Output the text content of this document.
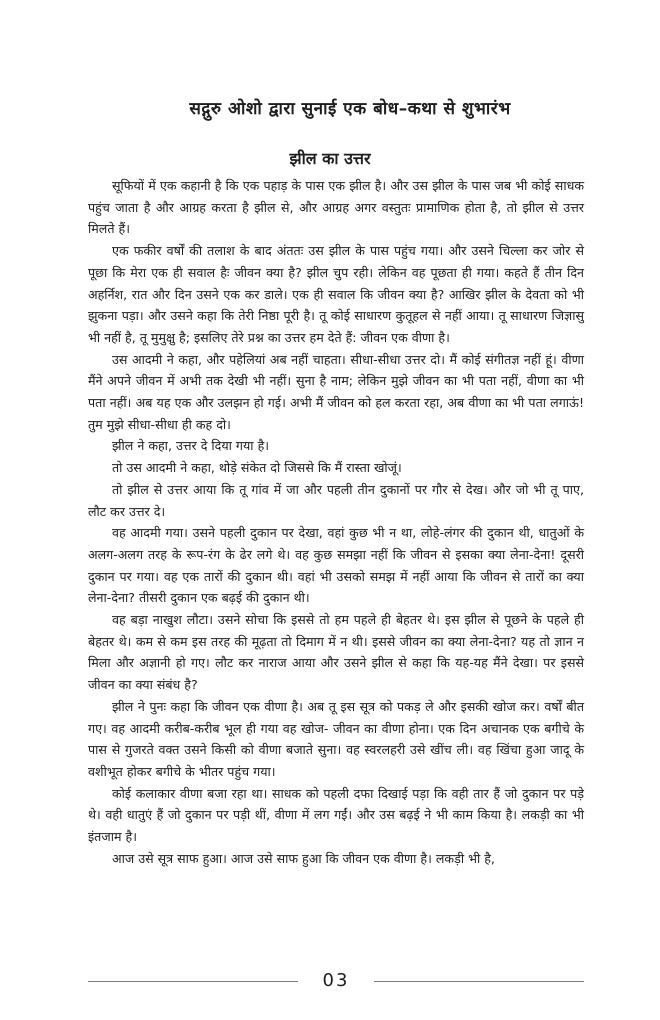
सद्गुरु ओशो द्वारा सुनाई एक बोध–कथा से शुभारंभ
झील का उत्तर

सूफियों में एक कहानी है कि एक पहाड़ के पास एक झील है। और उस झील के पास जब भी कोई साधक पहुंच जाता है और आग्रह करता है झील से, और आग्रह अगर वस्तुतः प्रामाणिक होता है, तो झील से उत्तर मिलते हैं।

एक फकीर वर्षों की तलाश के बाद अंततः उस झील के पास पहुंच गया। और उसने चिल्ला कर जोर से पूछा कि मेरा एक ही सवाल हैः जीवन क्या है? झील चुप रही। लेकिन वह पूछता ही गया। कहते हैं तीन दिन अहर्निश, रात और दिन उसने एक कर डाले। एक ही सवाल कि जीवन क्या है? आखिर झील के देवता को भी झुकना पड़ा। और उसने कहा कि तेरी निष्ठा पूरी है। तू कोई साधारण कुतूहल से नहीं आया। तू साधारण जिज्ञासु भी नहीं है, तू मुमुक्षु है; इसलिए तेरे प्रश्न का उत्तर हम देते हैं: जीवन एक वीणा है।

उस आदमी ने कहा, और पहेलियां अब नहीं चाहता। सीधा-सीधा उत्तर दो। मैं कोई संगीतज्ञ नहीं हूं। वीणा मैंने अपने जीवन में अभी तक देखी भी नहीं। सुना है नाम; लेकिन मुझे जीवन का भी पता नहीं, वीणा का भी पता नहीं। अब यह एक और उलझन हो गई। अभी मैं जीवन को हल करता रहा, अब वीणा का भी पता लगाऊं! तुम मुझे सीधा-सीधा ही कह दो।

झील ने कहा, उत्तर दे दिया गया है।

तो उस आदमी ने कहा, थोड़े संकेत दो जिससे कि मैं रास्ता खोजूं।

तो झील से उत्तर आया कि तू गांव में जा और पहली तीन दुकानों पर गौर से देख। और जो भी तू पाए, लौट कर उत्तर दे।

वह आदमी गया। उसने पहली दुकान पर देखा, वहां कुछ भी न था, लोहे-लंगर की दुकान थी, धातुओं के अलग-अलग तरह के रूप-रंग के ढेर लगे थे। वह कुछ समझा नहीं कि जीवन से इसका क्या लेना-देना! दूसरी दुकान पर गया। वह एक तारों की दुकान थी। वहां भी उसको समझ में नहीं आया कि जीवन से तारों का क्या लेना-देना? तीसरी दुकान एक बढ़ई की दुकान थी।

वह बड़ा नाखुश लौटा। उसने सोचा कि इससे तो हम पहले ही बेहतर थे। इस झील से पूछने के पहले ही बेहतर थे। कम से कम इस तरह की मूढ़ता तो दिमाग में न थी। इससे जीवन का क्या लेना-देना? यह तो ज्ञान न मिला और अज्ञानी हो गए। लौट कर नाराज आया और उसने झील से कहा कि यह-यह मैंने देखा। पर इससे जीवन का क्या संबंध है?

झील ने पुनः कहा कि जीवन एक वीणा है। अब तू इस सूत्र को पकड़ ले और इसकी खोज कर। वर्षों बीत गए। वह आदमी करीब-करीब भूल ही गया वह खोज- जीवन का वीणा होना। एक दिन अचानक एक बगीचे के पास से गुजरते वक्त उसने किसी को वीणा बजाते सुना। वह स्वरलहरी उसे खींच ली। वह खिंचा हुआ जादू के वशीभूत होकर बगीचे के भीतर पहुंच गया।

कोई कलाकार वीणा बजा रहा था। साधक को पहली दफा दिखाई पड़ा कि वही तार हैं जो दुकान पर पड़े थे। वही धातुएं हैं जो दुकान पर पड़ी थीं, वीणा में लग गईं। और उस बढ़ई ने भी काम किया है। लकड़ी का भी इंतजाम है।

आज उसे सूत्र साफ हुआ। आज उसे साफ हुआ कि जीवन एक वीणा है। लकड़ी भी है,

03
